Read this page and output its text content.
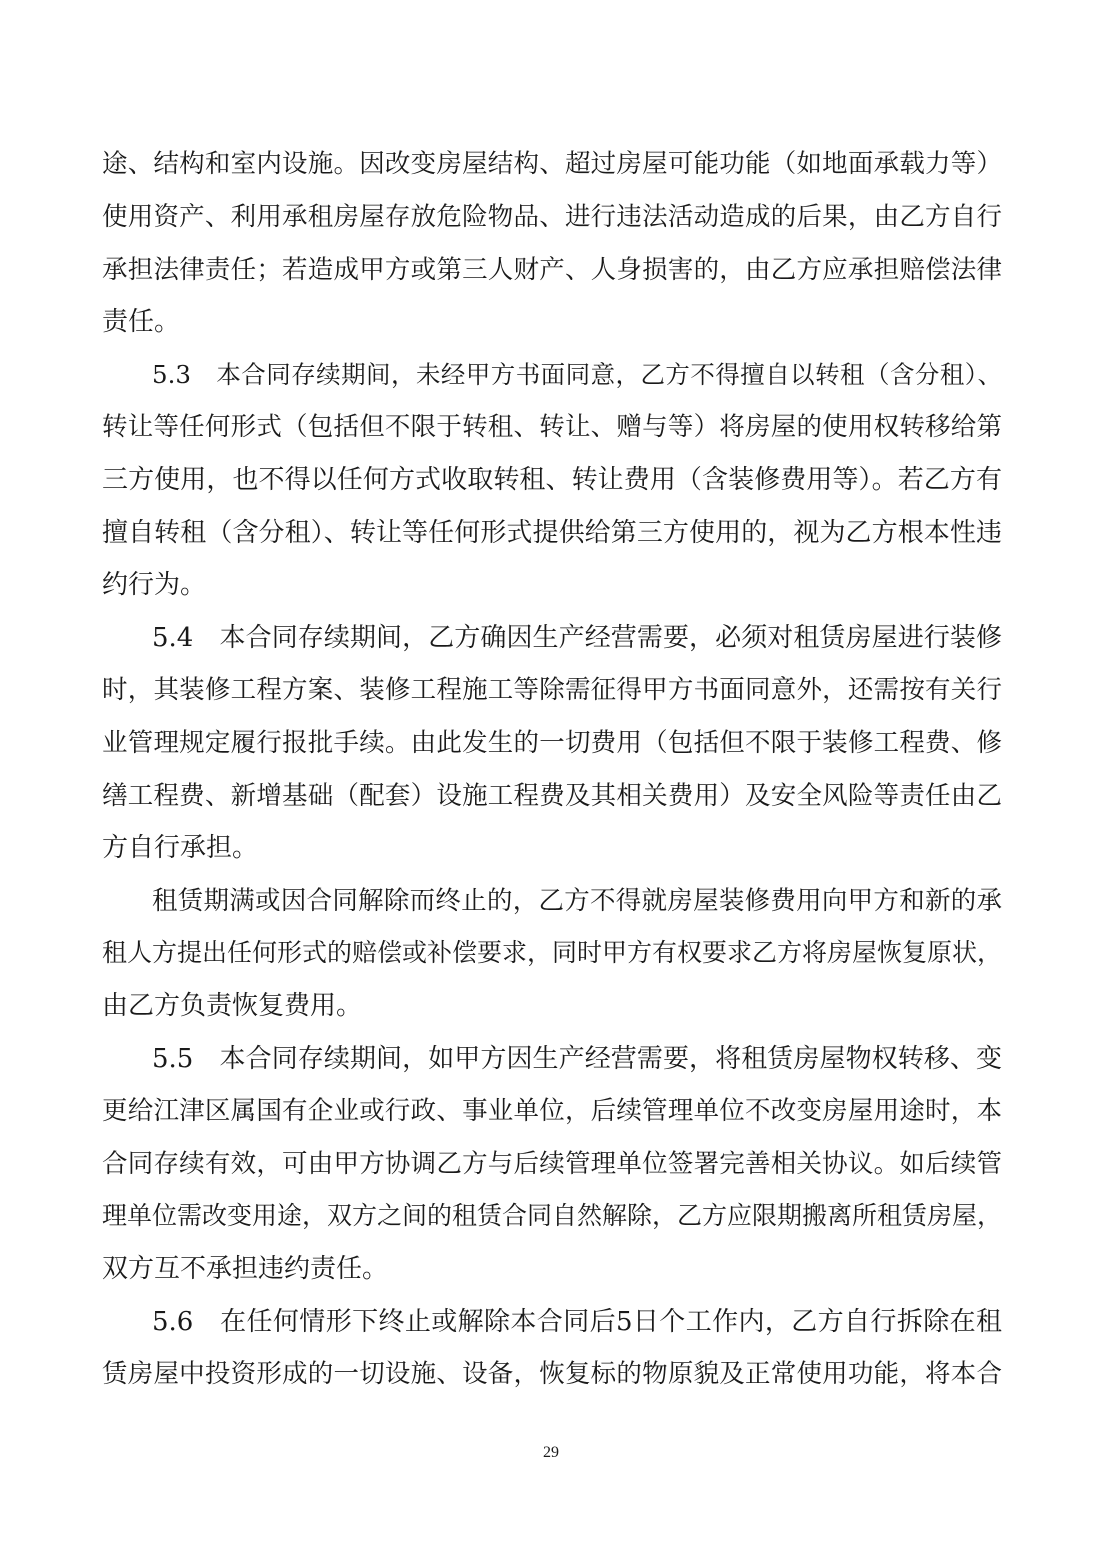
途、结构和室内设施。因改变房屋结构、超过房屋可能功能（如地面承载力等）
使用资产、利用承租房屋存放危险物品、进行违法活动造成的后果，由乙方自行
承担法律责任；若造成甲方或第三人财产、人身损害的，由乙方应承担赔偿法律
责任。
5.3　本合同存续期间，未经甲方书面同意，乙方不得擅自以转租（含分租）、
转让等任何形式（包括但不限于转租、转让、赠与等）将房屋的使用权转移给第
三方使用，也不得以任何方式收取转租、转让费用（含装修费用等）。若乙方有
擅自转租（含分租）、转让等任何形式提供给第三方使用的，视为乙方根本性违
约行为。
5.4　本合同存续期间，乙方确因生产经营需要，必须对租赁房屋进行装修
时，其装修工程方案、装修工程施工等除需征得甲方书面同意外，还需按有关行
业管理规定履行报批手续。由此发生的一切费用（包括但不限于装修工程费、修
缮工程费、新增基础（配套）设施工程费及其相关费用）及安全风险等责任由乙
方自行承担。
租赁期满或因合同解除而终止的，乙方不得就房屋装修费用向甲方和新的承
租人方提出任何形式的赔偿或补偿要求，同时甲方有权要求乙方将房屋恢复原状，
由乙方负责恢复费用。
5.5　本合同存续期间，如甲方因生产经营需要，将租赁房屋物权转移、变
更给江津区属国有企业或行政、事业单位，后续管理单位不改变房屋用途时，本
合同存续有效，可由甲方协调乙方与后续管理单位签署完善相关协议。如后续管
理单位需改变用途，双方之间的租赁合同自然解除，乙方应限期搬离所租赁房屋，
双方互不承担违约责任。
5.6　在任何情形下终止或解除本合同后5日个工作内，乙方自行拆除在租
赁房屋中投资形成的一切设施、设备，恢复标的物原貌及正常使用功能，将本合
29
